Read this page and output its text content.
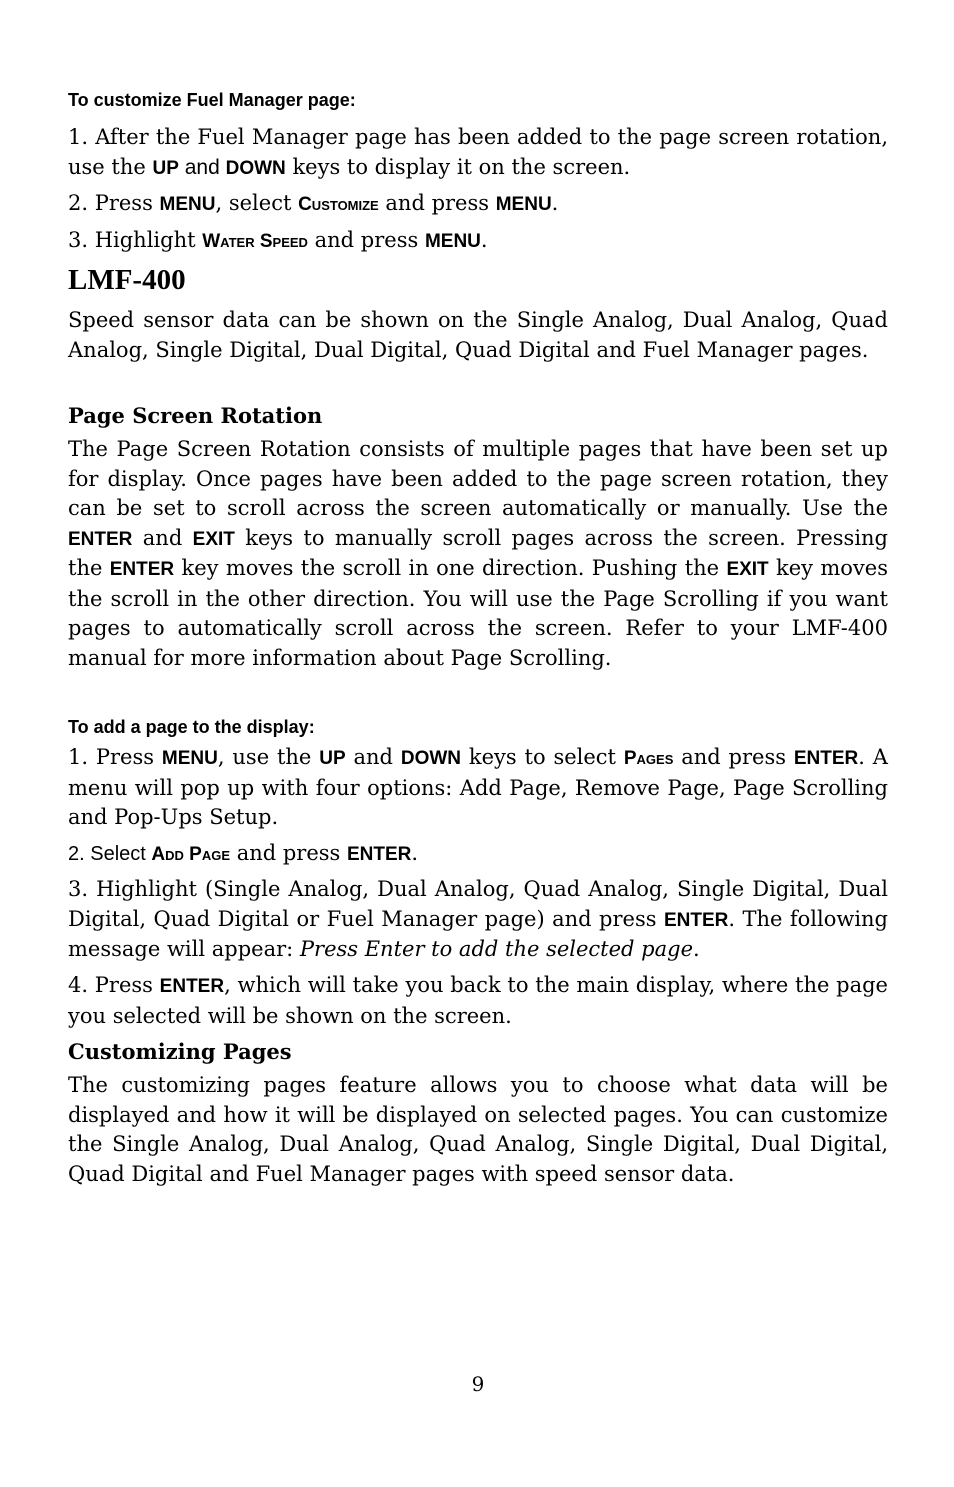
To customize Fuel Manager page:

1. After the Fuel Manager page has been added to the page screen rotation, use the UP and DOWN keys to display it on the screen.

2. Press MENU, select Customize and press MENU.

3. Highlight Water Speed and press MENU.

LMF-400

Speed sensor data can be shown on the Single Analog, Dual Analog, Quad Analog, Single Digital, Dual Digital, Quad Digital and Fuel Manager pages.

Page Screen Rotation

The Page Screen Rotation consists of multiple pages that have been set up for display. Once pages have been added to the page screen rotation, they can be set to scroll across the screen automatically or manually. Use the ENTER and EXIT keys to manually scroll pages across the screen. Pressing the ENTER key moves the scroll in one direction. Pushing the EXIT key moves the scroll in the other direction. You will use the Page Scrolling if you want pages to automatically scroll across the screen. Refer to your LMF-400 manual for more information about Page Scrolling.

To add a page to the display:

1. Press MENU, use the UP and DOWN keys to select Pages and press ENTER. A menu will pop up with four options: Add Page, Remove Page, Page Scrolling and Pop-Ups Setup.

2. Select Add Page and press ENTER.

3. Highlight (Single Analog, Dual Analog, Quad Analog, Single Digital, Dual Digital, Quad Digital or Fuel Manager page) and press ENTER. The following message will appear: Press Enter to add the selected page.

4. Press ENTER, which will take you back to the main display, where the page you selected will be shown on the screen.

Customizing Pages

The customizing pages feature allows you to choose what data will be displayed and how it will be displayed on selected pages. You can customize the Single Analog, Dual Analog, Quad Analog, Single Digital, Dual Digital, Quad Digital and Fuel Manager pages with speed sensor data.

9
